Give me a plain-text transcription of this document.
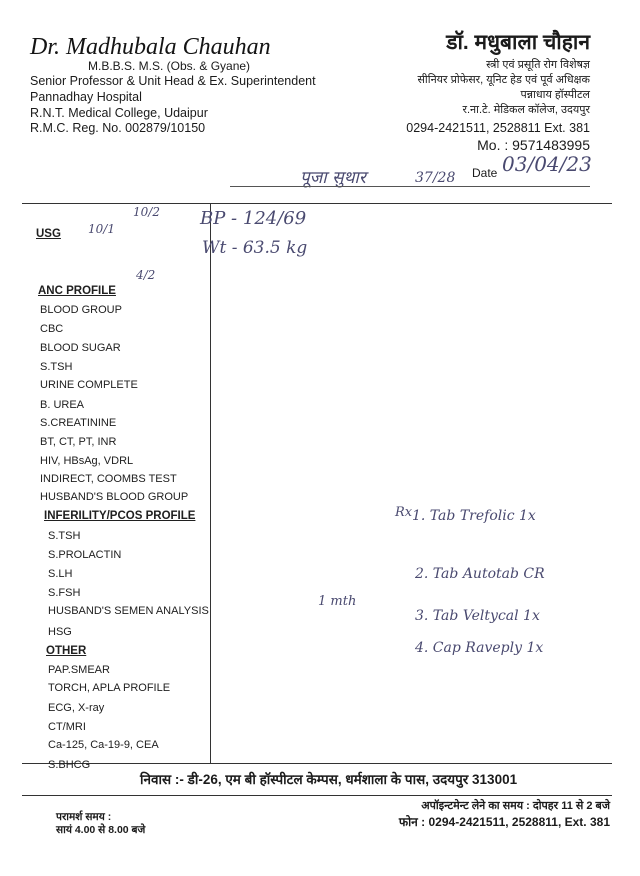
Dr. Madhubala Chauhan
M.B.B.S. M.S. (Obs. & Gyane)
Senior Professor & Unit Head & Ex. Superintendent
Pannadhay Hospital
R.N.T. Medical College, Udaipur
R.M.C. Reg. No. 002879/10150
डॉ. मधुबाला चौहान
स्त्री एवं प्रसूति रोग विशेषज्ञ
सीनियर प्रोफेसर, यूनिट हेड एवं पूर्व अधिक्षक
पन्नाधाय हॉस्पीटल
र.ना.टे. मेडिकल कॉलेज, उदयपुर
0294-2421511, 2528811 Ext. 381
Mo. : 9571483995
पूजा सुथार	37/28 Date 03/04/23
USG
ANC PROFILE
BLOOD GROUP
CBC
BLOOD SUGAR
S.TSH
URINE COMPLETE
B. UREA
S.CREATININE
BT, CT, PT, INR
HIV, HBsAg, VDRL
INDIRECT, COOMBS TEST
HUSBAND'S BLOOD GROUP
INFERILITY/PCOS PROFILE
S.TSH
S.PROLACTIN
S.LH
S.FSH
HUSBAND'S SEMEN ANALYSIS
HSG
OTHER
PAP.SMEAR
TORCH, APLA PROFILE
ECG, X-ray
CT/MRI
Ca-125, Ca-19-9, CEA
S.BHCG
10/1
10/2
4/2
BP - 124/69
Wt - 63.5 kg
Rx 1. Tab Trefolic 1x
2. Tab Autotab CR
3. Tab Veltycal 1x
4. Cap Raveply 1x
1 mth
निवास :- डी-26, एम बी हॉस्पीटल केम्पस, धर्मशाला के पास, उदयपुर 313001
परामर्श समय :
सायं 4.00 से 8.00 बजे
अपॉइन्टमेन्ट लेने का समय : दोपहर 11 से 2 बजे
फोन : 0294-2421511, 2528811, Ext. 381
